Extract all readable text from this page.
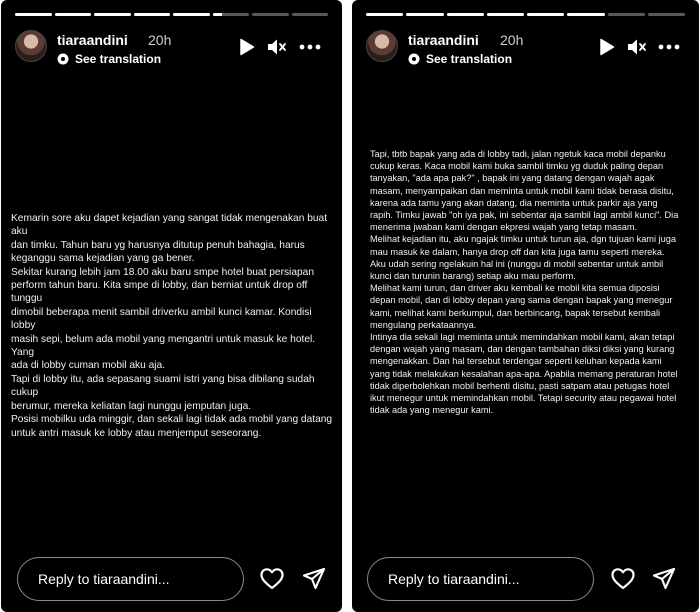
tiaraandini 20h
See translation
Kemarin sore aku dapet kejadian yang sangat tidak mengenakan buat aku
dan timku. Tahun baru yg harusnya ditutup penuh bahagia, harus
keganggu sama kejadian yang ga bener.
Sekitar kurang lebih jam 18.00 aku baru smpe hotel buat persiapan
perform tahun baru. Kita smpe di lobby, dan berniat untuk drop off tunggu
dimobil beberapa menit sambil driverku ambil kunci kamar. Kondisi lobby
masih sepi, belum ada mobil yang mengantri untuk masuk ke hotel. Yang
ada di lobby cuman mobil aku aja.
Tapi di lobby itu, ada sepasang suami istri yang bisa dibilang sudah cukup
berumur, mereka keliatan lagi nunggu jemputan juga.
Posisi mobilku uda minggir, dan sekali lagi tidak ada mobil yang datang
untuk antri masuk ke lobby atau menjemput seseorang.
Reply to tiaraandini...
tiaraandini 20h
See translation
Tapi, tbtb bapak yang ada di lobby tadi, jalan ngetuk kaca mobil depanku
cukup keras. Kaca mobil kami buka sambil timku yg duduk paling depan
tanyakan, "ada apa pak?" , bapak ini yang datang dengan wajah agak
masam, menyampaikan dan meminta untuk mobil kami tidak berasa disitu,
karena ada tamu yang akan datang, dia meminta untuk parkir aja yang
rapih. Timku jawab "oh iya pak, ini sebentar aja sambil lagi ambil kunci". Dia
menerima jwaban kami dengan ekpresi wajah yang tetap masam.
Melihat kejadian itu, aku ngajak timku untuk turun aja, dgn tujuan kami juga
mau masuk ke dalam, hanya drop off dan kita juga tamu seperti mereka.
Aku udah sering ngelakuin hal ini (nunggu di mobil sebentar untuk ambil
kunci dan turunin barang) setiap aku mau perform.
Melihat kami turun, dan driver aku kembali ke mobil kita semua diposisi
depan mobil, dan di lobby depan yang sama dengan bapak yang menegur
kami, melihat kami berkumpul, dan berbincang, bapak tersebut kembali
mengulang perkataannya.
Intinya dia sekali lagi meminta untuk memindahkan mobil kami, akan tetapi
dengan wajah yang masam, dan dengan tambahan diksi diksi yang kurang
mengenakkan. Dan hal tersebut terdengar seperti keluhan kepada kami
yang tidak melakukan kesalahan apa-apa. Apabila memang peraturan hotel
tidak diperbolehkan mobil berhenti disitu, pasti satpam atau petugas hotel
ikut menegur untuk memindahkan mobil. Tetapi security atau pegawai hotel
tidak ada yang menegur kami.
Reply to tiaraandini...
